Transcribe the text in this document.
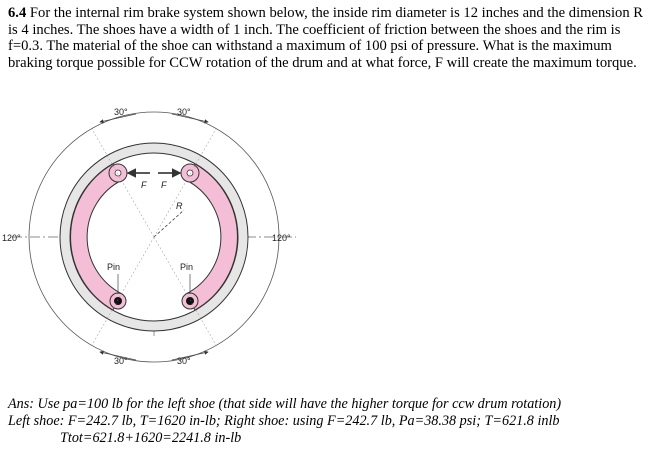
6.4 For the internal rim brake system shown below, the inside rim diameter is 12 inches and the dimension R is 4 inches. The shoes have a width of 1 inch. The coefficient of friction between the shoes and the rim is f=0.3. The material of the shoe can withstand a maximum of 100 psi of pressure. What is the maximum braking torque possible for CCW rotation of the drum and at what force, F will create the maximum torque.
30°	30°
120°	120°
30°	30°
F F
R
Pin	Pin
Ans: Use pa=100 lb for the left shoe (that side will have the higher torque for ccw drum rotation)
Left shoe: F=242.7 lb, T=1620 in-lb; Right shoe: using F=242.7 lb, Pa=38.38 psi; T=621.8 inlb
Ttot=621.8+1620=2241.8 in-lb
